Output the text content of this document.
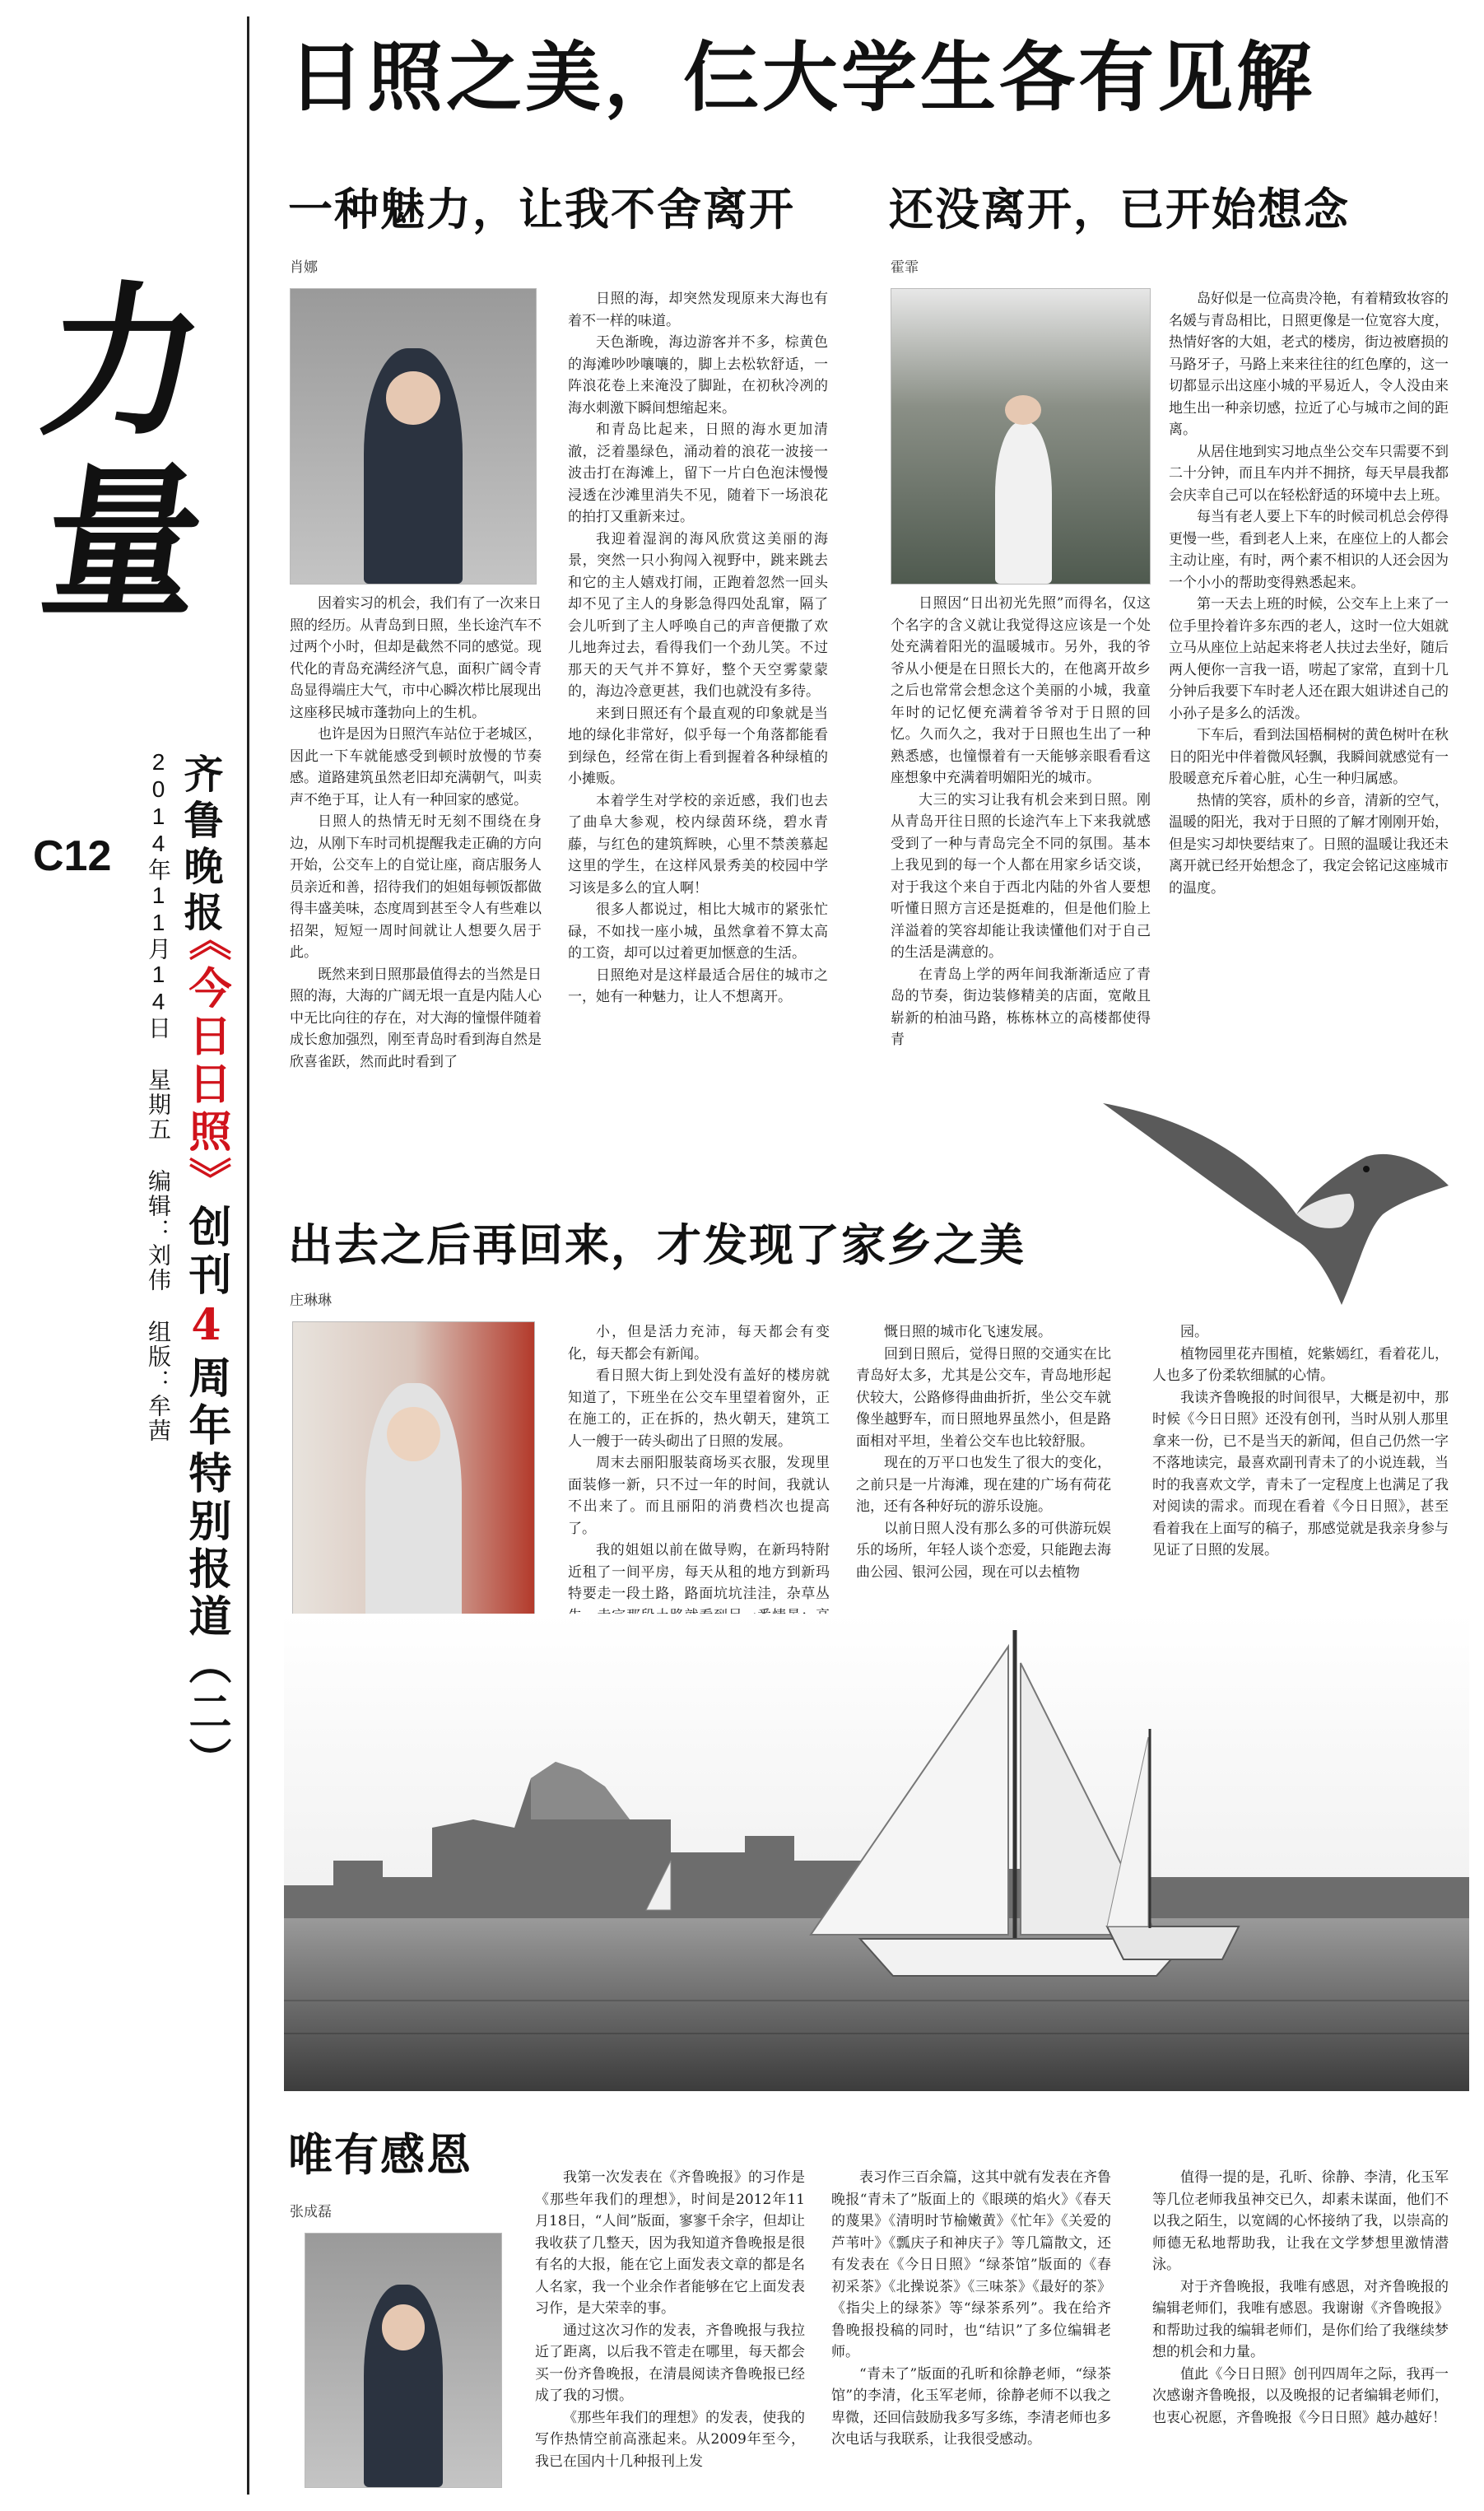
力
量
C12	2014年11月14日 星期五 编辑：刘伟 组版：牟茜 齐鲁晚报
《今日日照》创刊4周年特别报道（二）
日照之美，仨大学生各有见解
一种魅力，让我不舍离开
肖娜

因着实习的机会，我们有了一次来日照的经历。从青岛到日照，坐长途汽车不过两个小时，但却是截然不同的感觉。现代化的青岛充满经济气息，面积广阔令青岛显得端庄大气，市中心瞬次栉比展现出这座移民城市蓬勃向上的生机。

也许是因为日照汽车站位于老城区，因此一下车就能感受到顿时放慢的节奏感。道路建筑虽然老旧却充满朝气，叫卖声不绝于耳，让人有一种回家的感觉。

日照人的热情无时无刻不围绕在身边，从刚下车时司机提醒我走正确的方向开始，公交车上的自觉让座，商店服务人员亲近和善，招待我们的妲姐每顿饭都做得丰盛美味，态度周到甚至令人有些难以招架，短短一周时间就让人想要久居于此。

既然来到日照那最值得去的当然是日照的海，大海的广阔无垠一直是内陆人心中无比向往的存在，对大海的憧憬伴随着成长愈加强烈，刚至青岛时看到海自然是欣喜雀跃，然而此时看到了

日照的海，却突然发现原来大海也有着不一样的味道。

天色渐晚，海边游客并不多，棕黄色的海滩吵吵嚷嚷的，脚上去松软舒适，一阵浪花卷上来淹没了脚趾，在初秋冷冽的海水刺激下瞬间想缩起来。

和青岛比起来，日照的海水更加清澈，泛着墨绿色，涌动着的浪花一波接一波击打在海滩上，留下一片白色泡沫慢慢浸透在沙滩里消失不见，随着下一场浪花的拍打又重新来过。

我迎着湿润的海风欣赏这美丽的海景，突然一只小狗闯入视野中，跳来跳去和它的主人嬉戏打闹，正跑着忽然一回头却不见了主人的身影急得四处乱窜，隔了会儿听到了主人呼唤自己的声音便撒了欢儿地奔过去，看得我们一个劲儿笑。不过那天的天气并不算好，整个天空雾蒙蒙的，海边冷意更甚，我们也就没有多待。

来到日照还有个最直观的印象就是当地的绿化非常好，似乎每一个角落都能看到绿色，经常在街上看到握着各种绿植的小摊贩。

本着学生对学校的亲近感，我们也去了曲阜大参观，校内绿茵环绕，碧水青藤，与红色的建筑辉映，心里不禁羡慕起这里的学生，在这样风景秀美的校园中学习该是多么的宜人啊！

很多人都说过，相比大城市的紧张忙碌，不如找一座小城，虽然拿着不算太高的工资，却可以过着更加惬意的生活。

日照绝对是这样最适合居住的城市之一，她有一种魅力，让人不想离开。

还没离开，已开始想念
霍霏

日照因“日出初光先照”而得名，仅这个名字的含义就让我觉得这应该是一个处处充满着阳光的温暖城市。另外，我的爷爷从小便是在日照长大的，在他离开故乡之后也常常会想念这个美丽的小城，我童年时的记忆便充满着爷爷对于日照的回忆。久而久之，我对于日照也生出了一种熟悉感，也憧憬着有一天能够亲眼看看这座想象中充满着明媚阳光的城市。

大三的实习让我有机会来到日照。刚从青岛开往日照的长途汽车上下来我就感受到了一种与青岛完全不同的氛围。基本上我见到的每一个人都在用家乡话交谈，对于我这个来自于西北内陆的外省人要想听懂日照方言还是挺难的，但是他们脸上洋溢着的笑容却能让我读懂他们对于自己的生活是满意的。

在青岛上学的两年间我渐渐适应了青岛的节奏，街边装修精美的店面，宽敞且崭新的柏油马路，栋栋林立的高楼都使得青

岛好似是一位高贵冷艳，有着精致妆容的名媛与青岛相比，日照更像是一位宽容大度，热情好客的大姐，老式的楼房，街边被磨损的马路牙子，马路上来来往往的红色摩的，这一切都显示出这座小城的平易近人，令人没由来地生出一种亲切感，拉近了心与城市之间的距离。

从居住地到实习地点坐公交车只需要不到二十分钟，而且车内并不拥挤，每天早晨我都会庆幸自己可以在轻松舒适的环境中去上班。

每当有老人要上下车的时候司机总会停得更慢一些，看到老人上来，在座位上的人都会主动让座，有时，两个素不相识的人还会因为一个小小的帮助变得熟悉起来。

第一天去上班的时候，公交车上上来了一位手里拎着许多东西的老人，这时一位大姐就立马从座位上站起来将老人扶过去坐好，随后两人便你一言我一语，唠起了家常，直到十几分钟后我要下车时老人还在跟大姐讲述自己的小孙子是多么的活泼。

下车后，看到法国梧桐树的黄色树叶在秋日的阳光中伴着微风轻飘，我瞬间就感觉有一股暖意充斥着心脏，心生一种归属感。

热情的笑容，质朴的乡音，清新的空气，温暖的阳光，我对于日照的了解才刚刚开始，但是实习却快要结束了。日照的温暖让我还未离开就已经开始想念了，我定会铭记这座城市的温度。

出去之后再回来，才发现了家乡之美
庄琳琳

小，但是活力充沛，每天都会有变化，每天都会有新闻。

看日照大街上到处没有盖好的楼房就知道了，下班坐在公交车里望着窗外，正在施工的，正在拆的，热火朝天，建筑工人一艘于一砖头砌出了日照的发展。

周末去丽阳服装商场买衣服，发现里面装修一新，只不过一年的时间，我就认不出来了。而且丽阳的消费档次也提高了。

我的姐姐以前在做导购，在新玛特附近租了一间平房，每天从租的地方到新玛特要走一段土路，路面坑坑洼洼，杂草丛

慨日照的城市化飞速发展。

回到日照后，觉得日照的交通实在比青岛好太多，尤其是公交车，青岛地形起伏较大，公路修得曲曲折折，坐公交车就像坐越野车，而日照地界虽然小，但是路面相对平坦，坐着公交车也比较舒服。

现在的万平口也发生了很大的变化，之前只是一片海滩，现在建的广场有荷花池，还有各种好玩的游乐设施。

以前日照人没有那么多的可供游玩娱乐的场所，年轻人谈个恋爱，只能跑去海曲公园、银河公园，现在可以去植物

园。

植物园里花卉围植，姹紫嫣红，看着花儿，人也多了份柔软细腻的心情。

我读齐鲁晚报的时间很早，大概是初中，那时候《今日日照》还没有创刊，当时从别人那里拿来一份，已不是当天的新闻，但自己仍然一字不落地读完，最喜欢副刊青未了的小说连载，当时的我喜欢文学，青未了一定程度上也满足了我对阅读的需求。而现在看着《今日日照》，甚至看着我在上面写的稿子，那感觉就是我亲身参与见证了日照的发展。

唯有感恩
张成磊

我第一次发表在《齐鲁晚报》的习作是《那些年我们的理想》，时间是2012年11月18日，“人间”版面，寥寥千余字，但却让我收获了几整天，因为我知道齐鲁晚报是很有名的大报，能在它上面发表文章的都是名人名家，我一个业余作者能够在它上面发表习作，是大荣幸的事。

通过这次习作的发表，齐鲁晚报与我拉近了距离，以后我不管走在哪里，每天都会买一份齐鲁晚报，在清晨阅读齐鲁晚报已经成了我的习惯。

《那些年我们的理想》的发表，使我的写作热情空前高涨起来。从2009年至今，我已在国内十几种报刊上发

表习作三百余篇，这其中就有发表在齐鲁晚报“青未了”版面上的《眼瑛的焰火》《春天的蔑果》《清明时节榆嫩黄》《忙年》《关爱的芦苇叶》《瓢庆子和神庆子》等几篇散文，还有发表在《今日日照》“绿茶馆”版面的《春初采茶》《北操说茶》《三味茶》《最好的茶》《指尖上的绿茶》等“绿茶系列”。我在给齐鲁晚报投稿的同时，也“结识”了多位编辑老师。

“青未了”版面的孔昕和徐静老师，“绿茶馆”的李清，化玉军老师，徐静老师不以我之卑微，还回信鼓励我多写多练，李清老师也多次电话与我联系，让我很受感动。

值得一提的是，孔昕、徐静、李清，化玉军等几位老师我虽神交已久，却素未谋面，他们不以我之陌生，以宽阔的心怀接纳了我，以崇高的师德无私地帮助我，让我在文学梦想里激情潜泳。

对于齐鲁晚报，我唯有感恩，对齐鲁晚报的编辑老师们，我唯有感恩。我谢谢《齐鲁晚报》和帮助过我的编辑老师们，是你们给了我继续梦想的机会和力量。

值此《今日日照》创刊四周年之际，我再一次感谢齐鲁晚报，以及晚报的记者编辑老师们，也衷心祝愿，齐鲁晚报《今日日照》越办越好！
